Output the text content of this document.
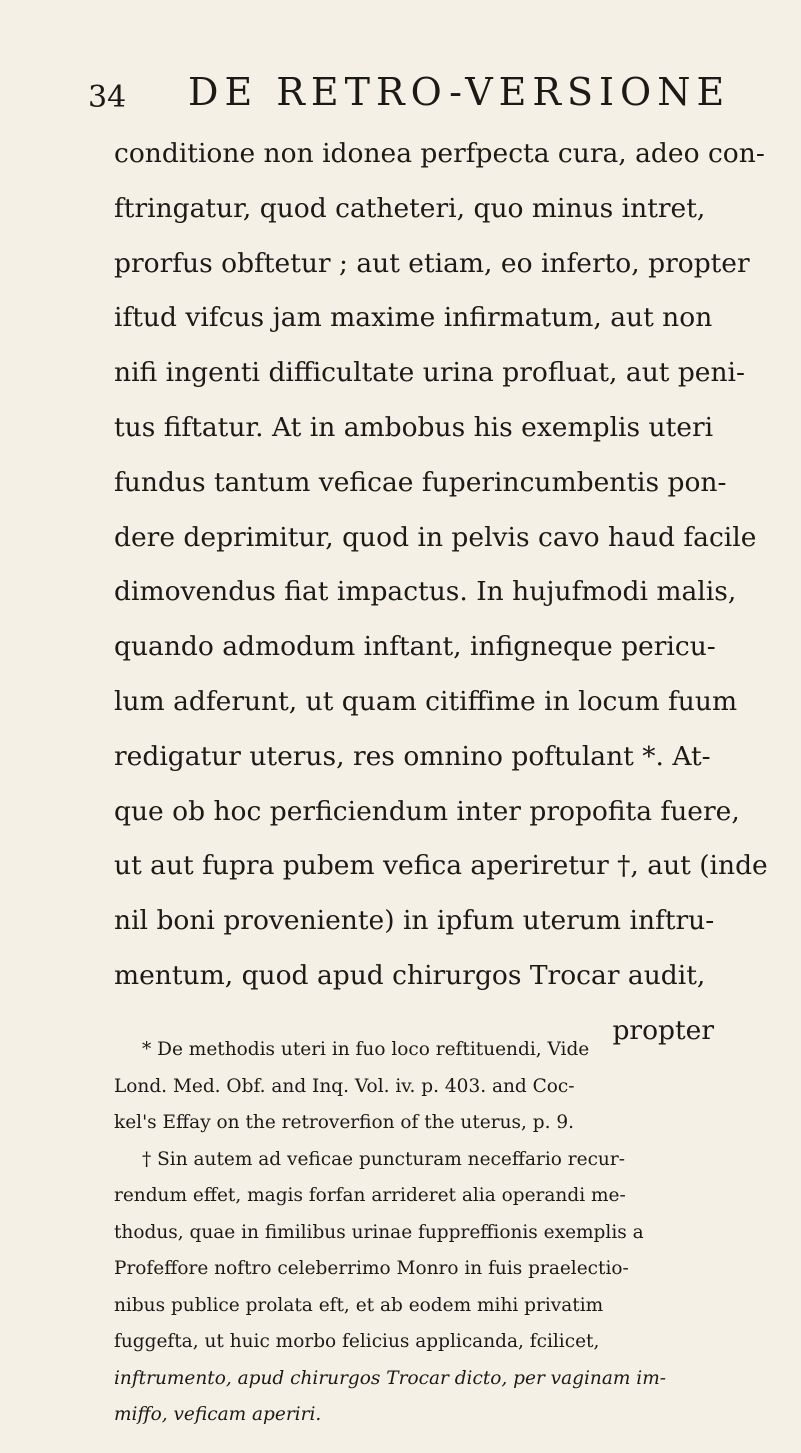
34 DE RETRO-VERSIONE
conditione non idonea perfpecta cura, adeo con-
ftringatur, quod catheteri, quo minus intret,
prorfus obftetur ; aut etiam, eo inferto, propter
iftud vifcus jam maxime infirmatum, aut non
nifi ingenti difficultate urina profluat, aut peni-
tus fiftatur. At in ambobus his exemplis uteri
fundus tantum veficae fuperincumbentis pon-
dere deprimitur, quod in pelvis cavo haud facile
dimovendus fiat impactus. In hujufmodi malis,
quando admodum inftant, infigneque pericu-
lum adferunt, ut quam citiffime in locum fuum
redigatur uterus, res omnino poftulant *. At-
que ob hoc perficiendum inter propofita fuere,
ut aut fupra pubem vefica aperiretur †, aut (inde
nil boni proveniente) in ipfum uterum inftru-
mentum, quod apud chirurgos Trocar audit,
propter
* De methodis uteri in fuo loco reftituendi, Vide
Lond. Med. Obf. and Inq. Vol. iv. p. 403. and Coc-
kel's Effay on the retroverfion of the uterus, p. 9.
† Sin autem ad veficae puncturam neceffario recur-
rendum effet, magis forfan arrideret alia operandi me-
thodus, quae in fimilibus urinae fuppreffionis exemplis a
Profeffore noftro celeberrimo Monro in fuis praelectio-
nibus publice prolata eft, et ab eodem mihi privatim
fuggefta, ut huic morbo felicius applicanda, fcilicet,
inftrumento, apud chirurgos Trocar dicto, per vaginam im-
miffo, veficam aperiri.
